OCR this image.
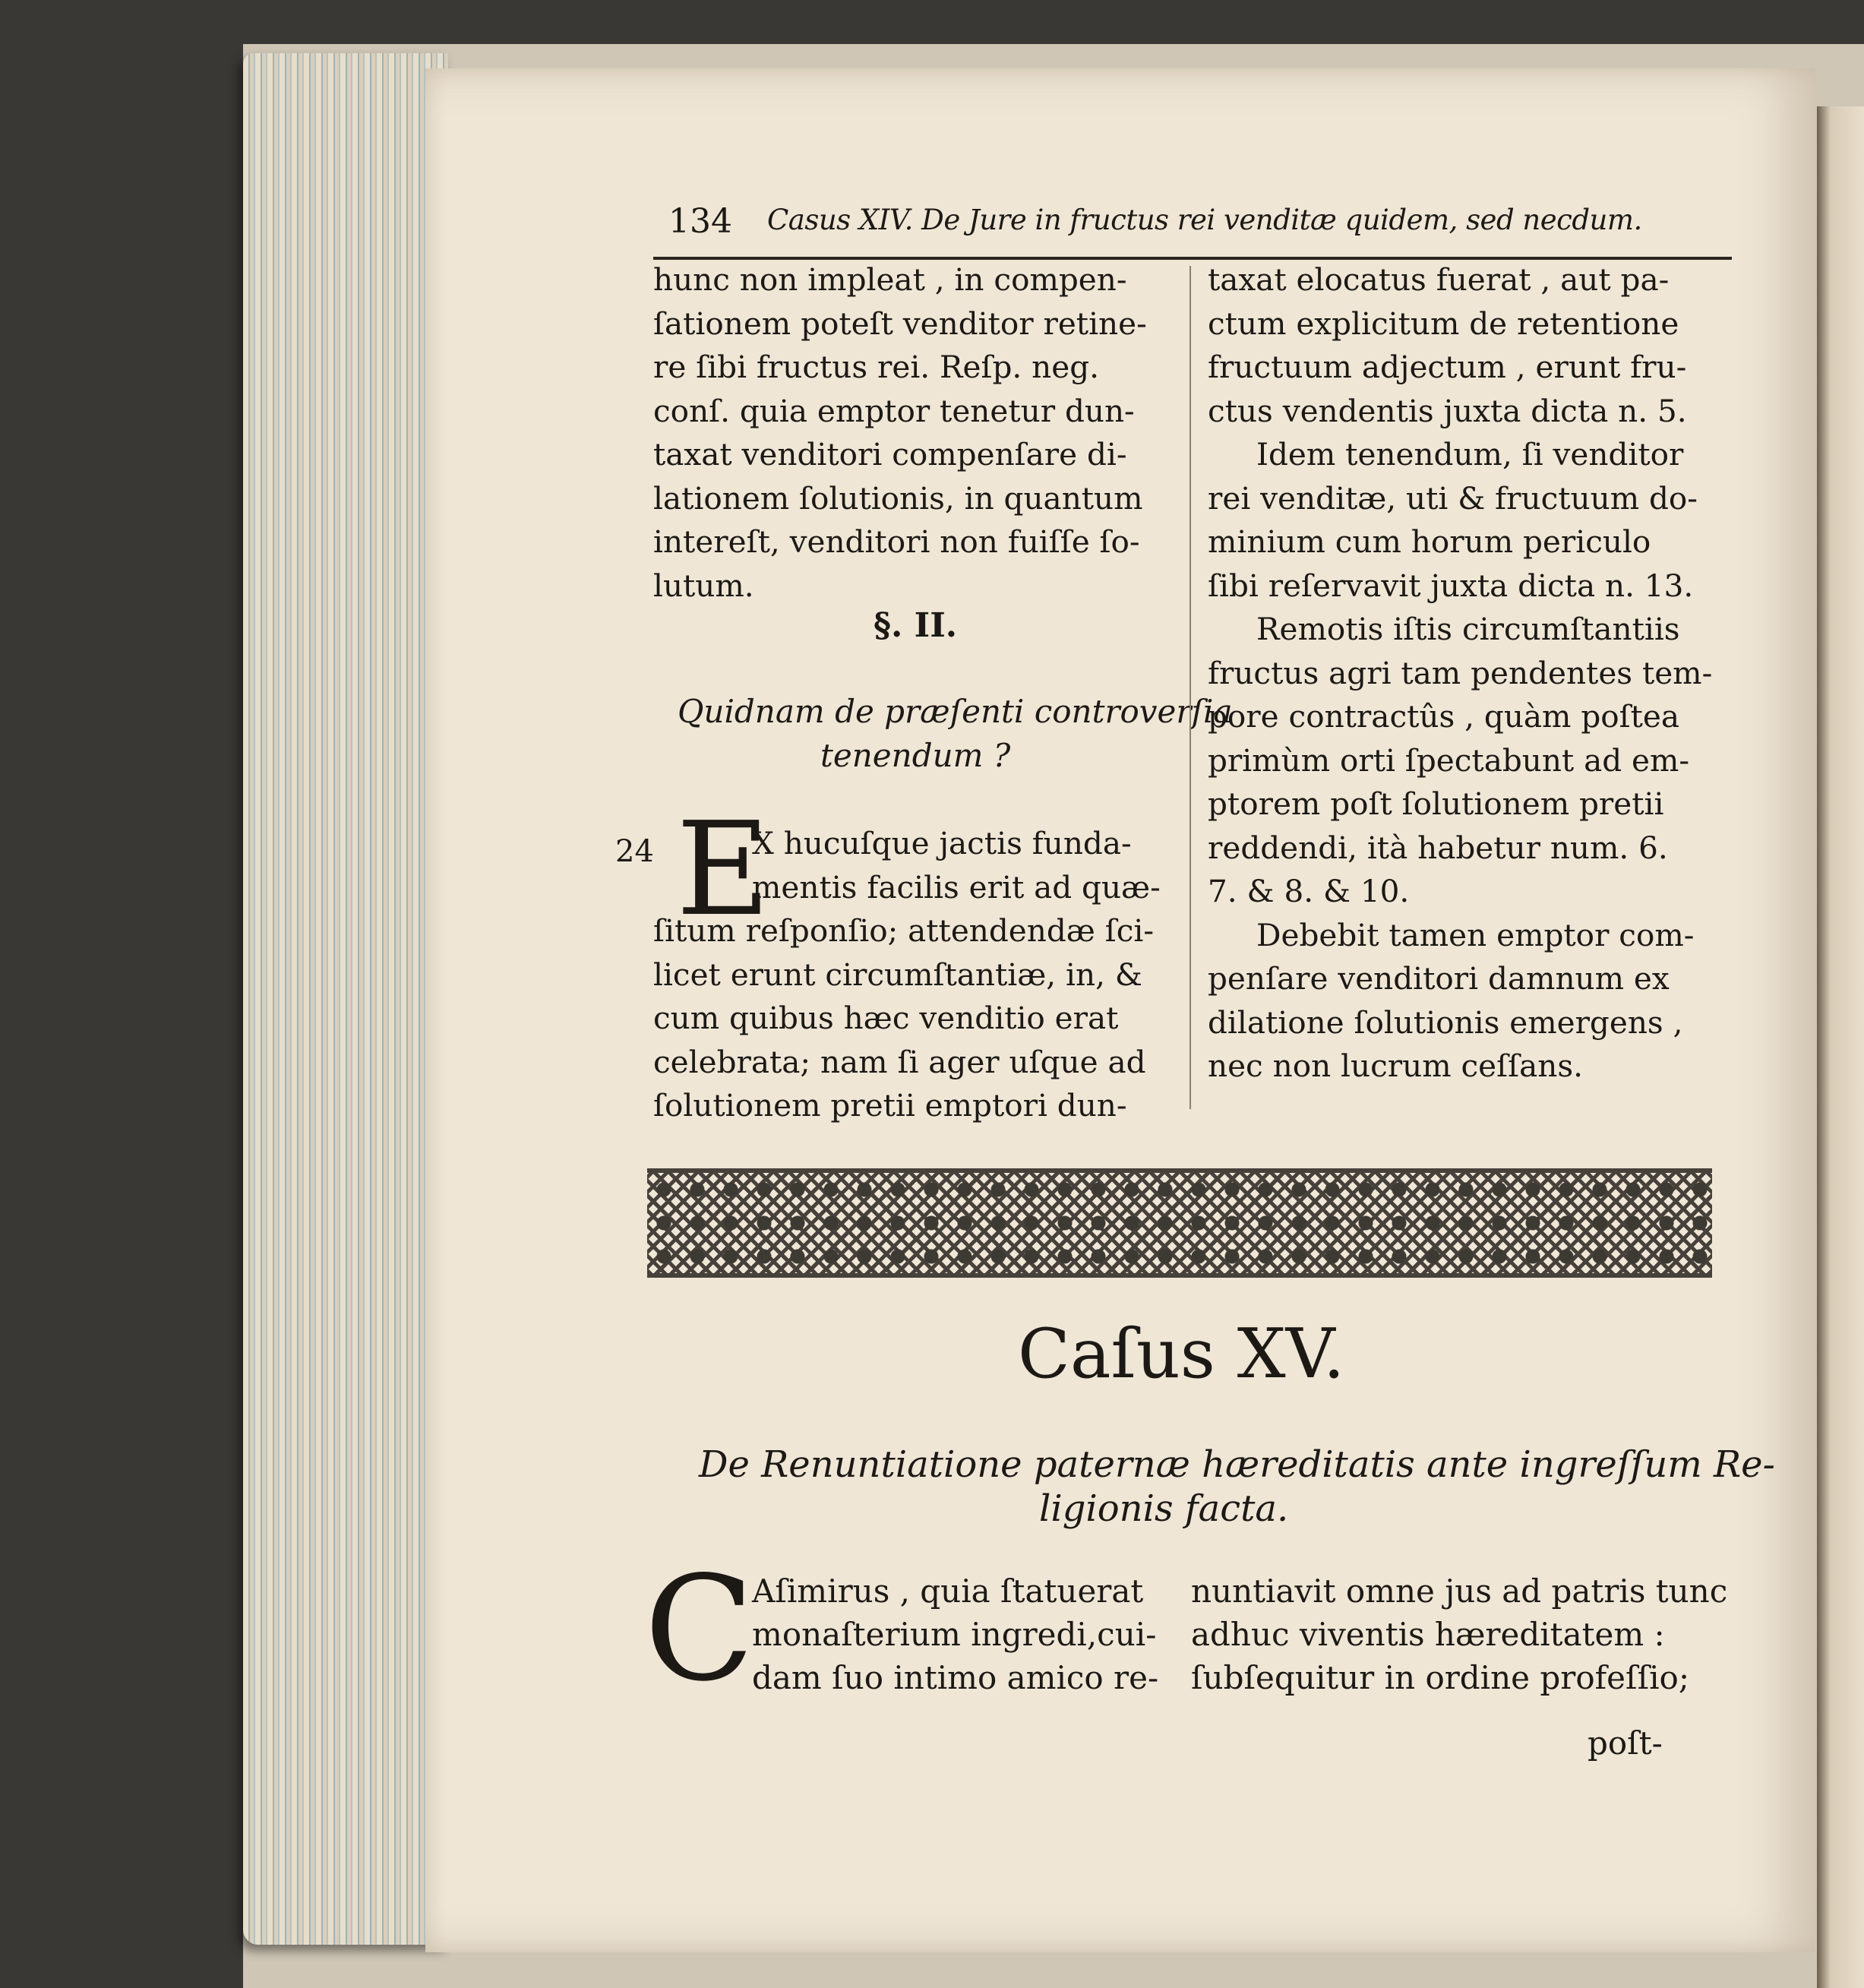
134 Casus XIV. De Jure in fructus rei venditæ quidem, sed necdum.
hunc non impleat , in compen-
ſationem poteſt venditor retine-
re ſibi fructus rei. Reſp. neg.
conſ. quia emptor tenetur dun-
taxat venditori compenſare di-
lationem ſolutionis, in quantum
intereſt, venditori non fuiſſe ſo-
lutum.
§. II.
Quidnam de præſenti controverſia
tenendum ?
24 E
X hucuſque jactis funda-
mentis facilis erit ad quæ-
ſitum reſponſio; attendendæ ſci-
licet erunt circumſtantiæ, in, &
cum quibus hæc venditio erat
celebrata; nam ſi ager uſque ad
ſolutionem pretii emptori dun-
taxat elocatus fuerat , aut pa-
ctum explicitum de retentione
fructuum adjectum , erunt fru-
ctus vendentis juxta dicta n. 5.
Idem tenendum, ſi venditor
rei venditæ, uti & fructuum do-
minium cum horum periculo
ſibi reſervavit juxta dicta n. 13.
Remotis iſtis circumſtantiis
fructus agri tam pendentes tem-
pore contractûs , quàm poſtea
primùm orti ſpectabunt ad em-
ptorem poſt ſolutionem pretii
reddendi, ità habetur num. 6.
7. & 8. & 10.
Debebit tamen emptor com-
penſare venditori damnum ex
dilatione ſolutionis emergens ,
nec non lucrum ceſſans.
Caſus XV.
De Renuntiatione paternæ hæreditatis ante ingreſſum Re-
ligionis facta.
C
Aſimirus , quia ſtatuerat
monaſterium ingredi,cui-
dam ſuo intimo amico re-
nuntiavit omne jus ad patris tunc
adhuc viventis hæreditatem :
ſubſequitur in ordine profeſſio;
poſt-
